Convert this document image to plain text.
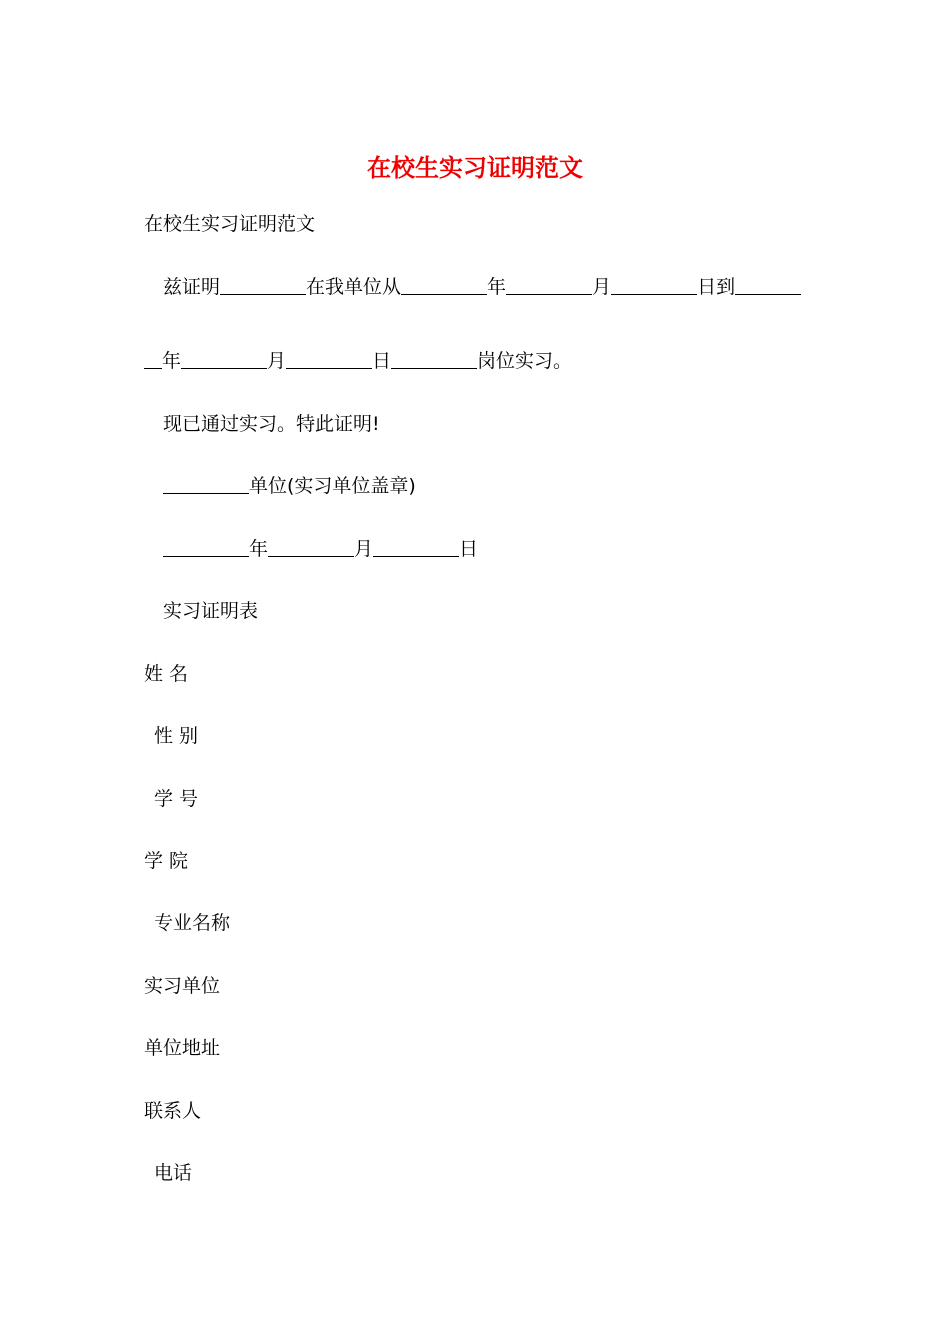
在校生实习证明范文
在校生实习证明范文
兹证明	在我单位从	年	月	日到
年	月	日	岗位实习。
现已通过实习。特此证明!
单位(实习单位盖章)
年	月	日
实习证明表
姓 名
性 别
学 号
学 院
专业名称
实习单位
单位地址
联系人
电话
